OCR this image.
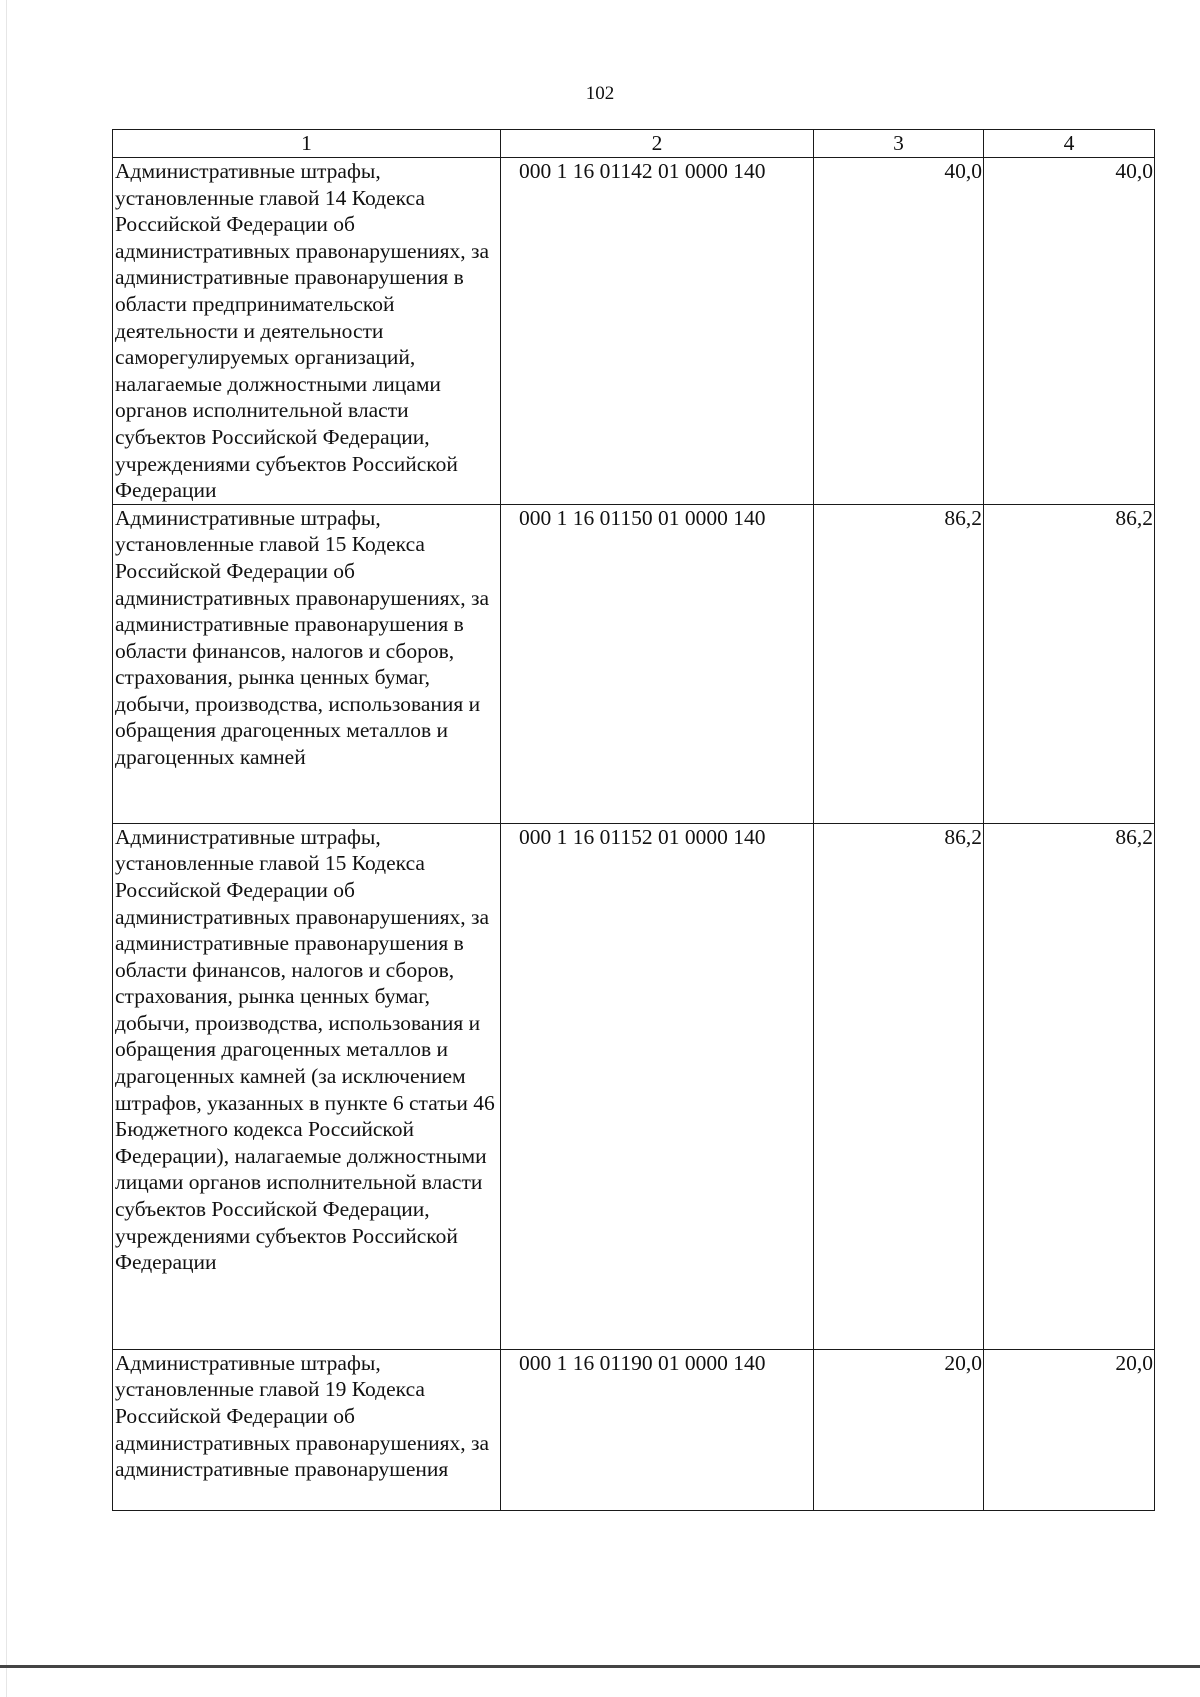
102
1	2	3	4
Административные штрафы, установленные главой 14 Кодекса Российской Федерации об административных правонарушениях, за административные правонарушения в области предпринимательской деятельности и деятельности саморегулируемых организаций, налагаемые должностными лицами органов исполнительной власти субъектов Российской Федерации, учреждениями субъектов Российской Федерации	000 1 16 01142 01 0000 140	40,0	40,0
Административные штрафы, установленные главой 15 Кодекса Российской Федерации об административных правонарушениях, за административные правонарушения в области финансов, налогов и сборов, страхования, рынка ценных бумаг, добычи, производства, использования и обращения драгоценных металлов и драгоценных камней	000 1 16 01150 01 0000 140	86,2	86,2
Административные штрафы, установленные главой 15 Кодекса Российской Федерации об административных правонарушениях, за административные правонарушения в области финансов, налогов и сборов, страхования, рынка ценных бумаг, добычи, производства, использования и обращения драгоценных металлов и драгоценных камней (за исключением штрафов, указанных в пункте 6 статьи 46 Бюджетного кодекса Российской Федерации), налагаемые должностными лицами органов исполнительной власти субъектов Российской Федерации, учреждениями субъектов Российской Федерации	000 1 16 01152 01 0000 140	86,2	86,2
Административные штрафы, установленные главой 19 Кодекса Российской Федерации об административных правонарушениях, за административные правонарушения	000 1 16 01190 01 0000 140	20,0	20,0
